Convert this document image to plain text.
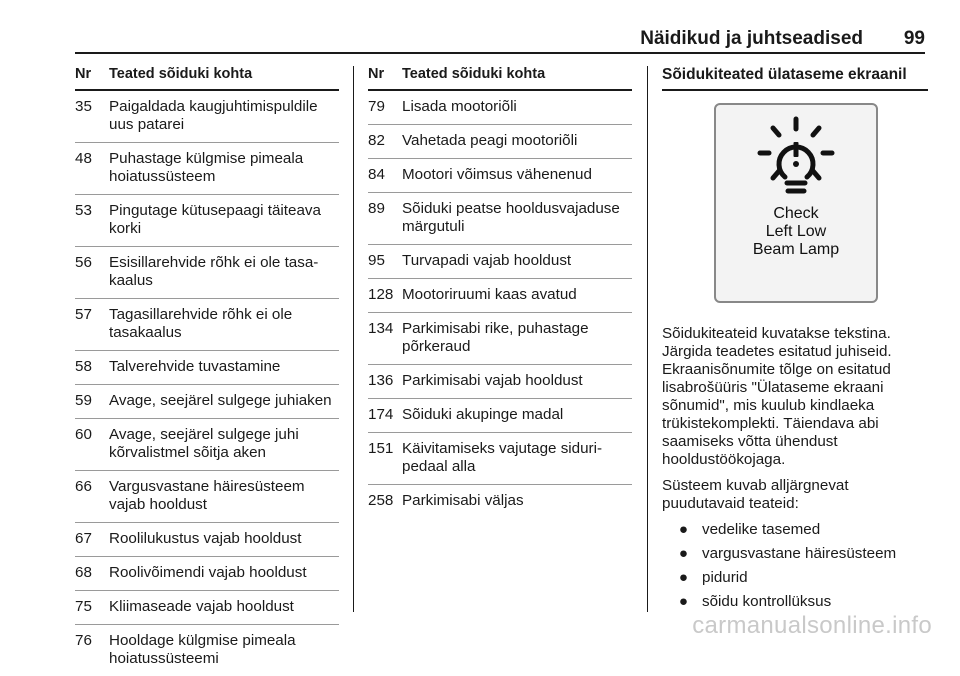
Näidikud ja juhtseadised 99
Nr	Teated sõiduki kohta
35	Paigaldada kaugjuhtimispuldile uus patarei
48	Puhastage külgmise pimeala hoiatussüsteem
53	Pingutage kütusepaagi täiteava korki
56	Esisillarehvide rõhk ei ole tasakaalus
57	Tagasillarehvide rõhk ei ole tasakaalus
58	Talverehvide tuvastamine
59	Avage, seejärel sulgege juhiaken
60	Avage, seejärel sulgege juhi kõrvalistmel sõitja aken
66	Vargusvastane häiresüsteem vajab hooldust
67	Roolilukustus vajab hooldust
68	Roolivõimendi vajab hooldust
75	Kliimaseade vajab hooldust
76	Hooldage külgmise pimeala hoiatussüsteemi
Nr	Teated sõiduki kohta
79	Lisada mootoriõli
82	Vahetada peagi mootoriõli
84	Mootori võimsus vähenenud
89	Sõiduki peatse hooldusvajaduse märgutuli
95	Turvapadi vajab hooldust
128 Mootoriruumi kaas avatud
134 Parkimisabi rike, puhastage põrkeraud
136 Parkimisabi vajab hooldust
174 Sõiduki akupinge madal
151 Käivitamiseks vajutage siduripedaal alla
258 Parkimisabi väljas
Sõidukiteated ülataseme ekraanil
Check
Left Low
Beam Lamp
Sõidukiteateid kuvatakse tekstina. Järgida teadetes esitatud juhiseid. Ekraanisõnumite tõlge on esitatud lisabrošüüris "Ülataseme ekraani sõnumid", mis kuulub kindlaeka trükistekomplekti. Täiendava abi saamiseks võtta ühendust hooldustöökojaga.
Süsteem kuvab alljärgnevat puudutavaid teateid:
● vedelike tasemed
● vargusvastane häiresüsteem
● pidurid
● sõidu kontrollüksus
carmanualsonline.info
